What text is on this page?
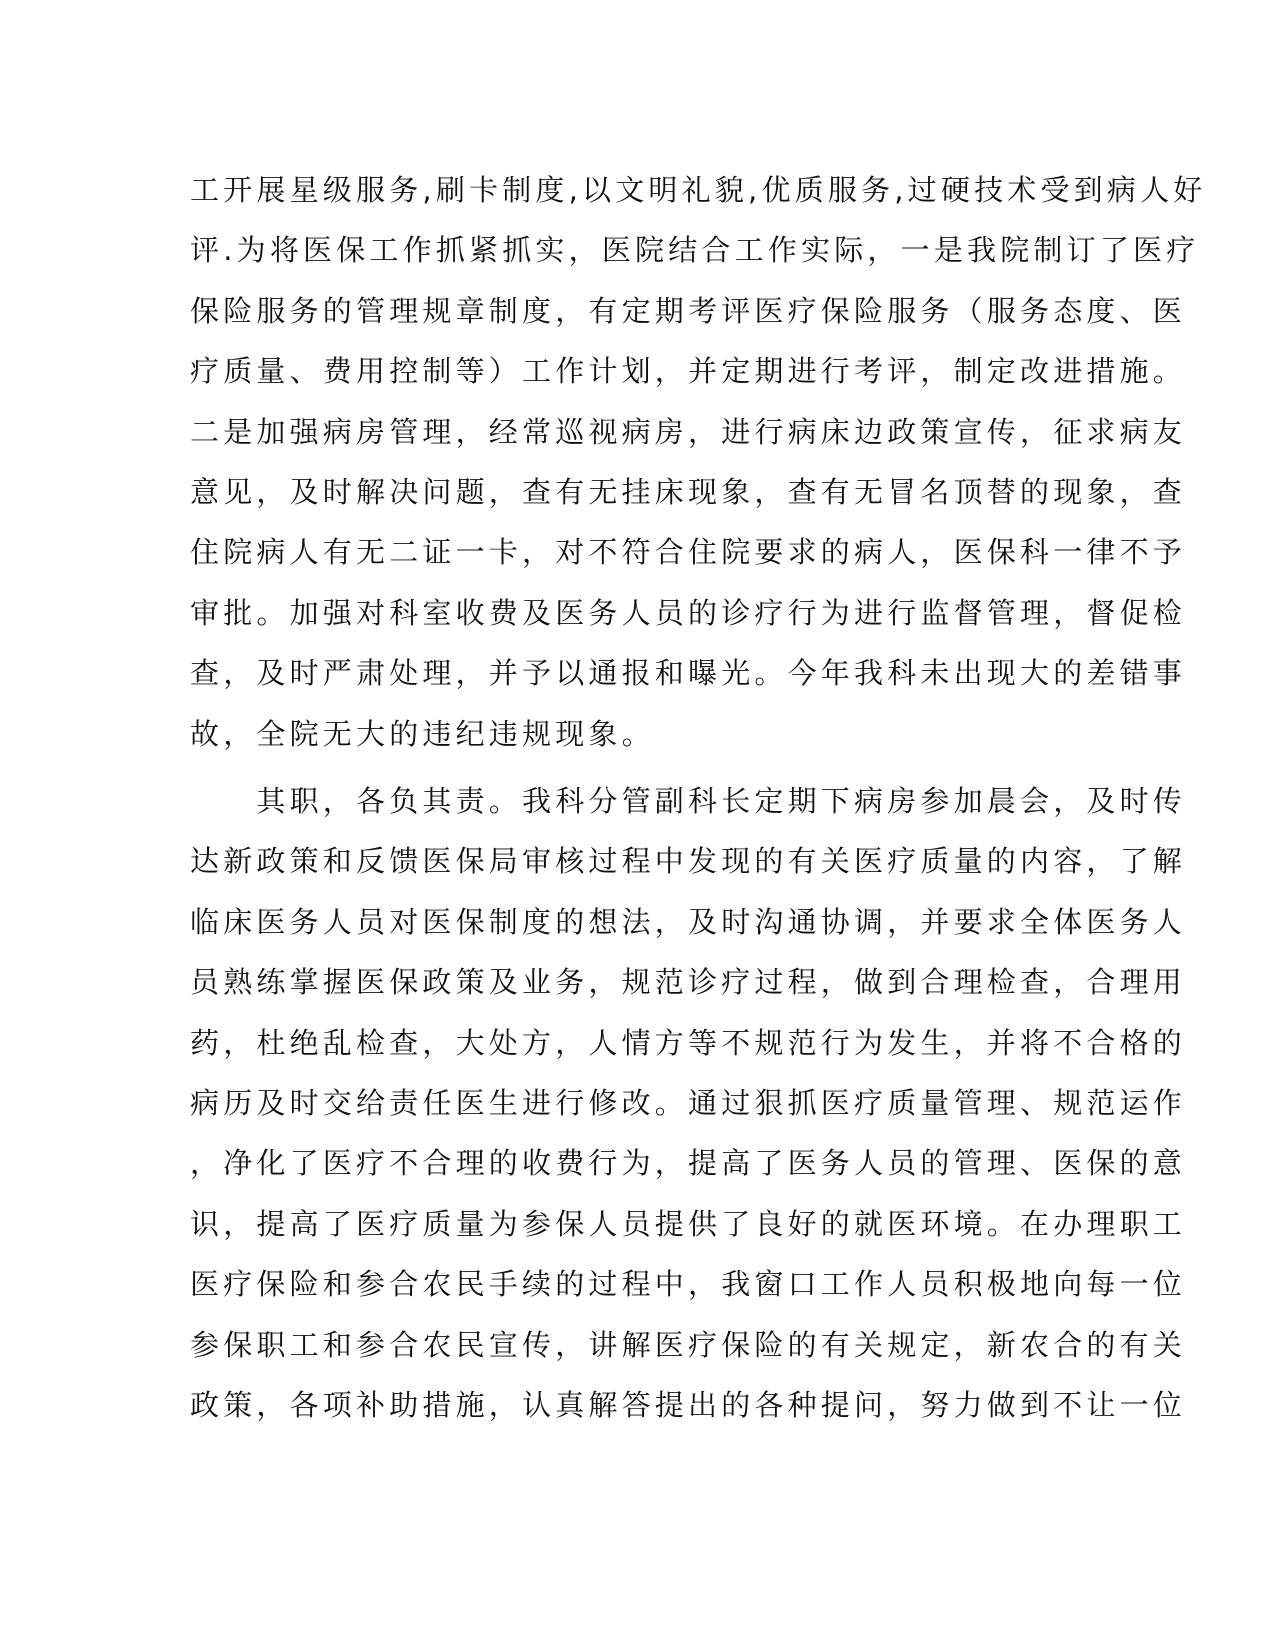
工开展星级服务,刷卡制度,以文明礼貌,优质服务,过硬技术受到病人好
评.为将医保工作抓紧抓实，医院结合工作实际，一是我院制订了医疗
保险服务的管理规章制度，有定期考评医疗保险服务（服务态度、医
疗质量、费用控制等）工作计划，并定期进行考评，制定改进措施。
二是加强病房管理，经常巡视病房，进行病床边政策宣传，征求病友
意见，及时解决问题，查有无挂床现象，查有无冒名顶替的现象，查
住院病人有无二证一卡，对不符合住院要求的病人，医保科一律不予
审批。加强对科室收费及医务人员的诊疗行为进行监督管理，督促检
查，及时严肃处理，并予以通报和曝光。今年我科未出现大的差错事
故，全院无大的违纪违规现象。
　　其职，各负其责。我科分管副科长定期下病房参加晨会，及时传
达新政策和反馈医保局审核过程中发现的有关医疗质量的内容，了解
临床医务人员对医保制度的想法，及时沟通协调，并要求全体医务人
员熟练掌握医保政策及业务，规范诊疗过程，做到合理检查，合理用
药，杜绝乱检查，大处方，人情方等不规范行为发生，并将不合格的
病历及时交给责任医生进行修改。通过狠抓医疗质量管理、规范运作
，净化了医疗不合理的收费行为，提高了医务人员的管理、医保的意
识，提高了医疗质量为参保人员提供了良好的就医环境。在办理职工
医疗保险和参合农民手续的过程中，我窗口工作人员积极地向每一位
参保职工和参合农民宣传，讲解医疗保险的有关规定，新农合的有关
政策，各项补助措施，认真解答提出的各种提问，努力做到不让一位
